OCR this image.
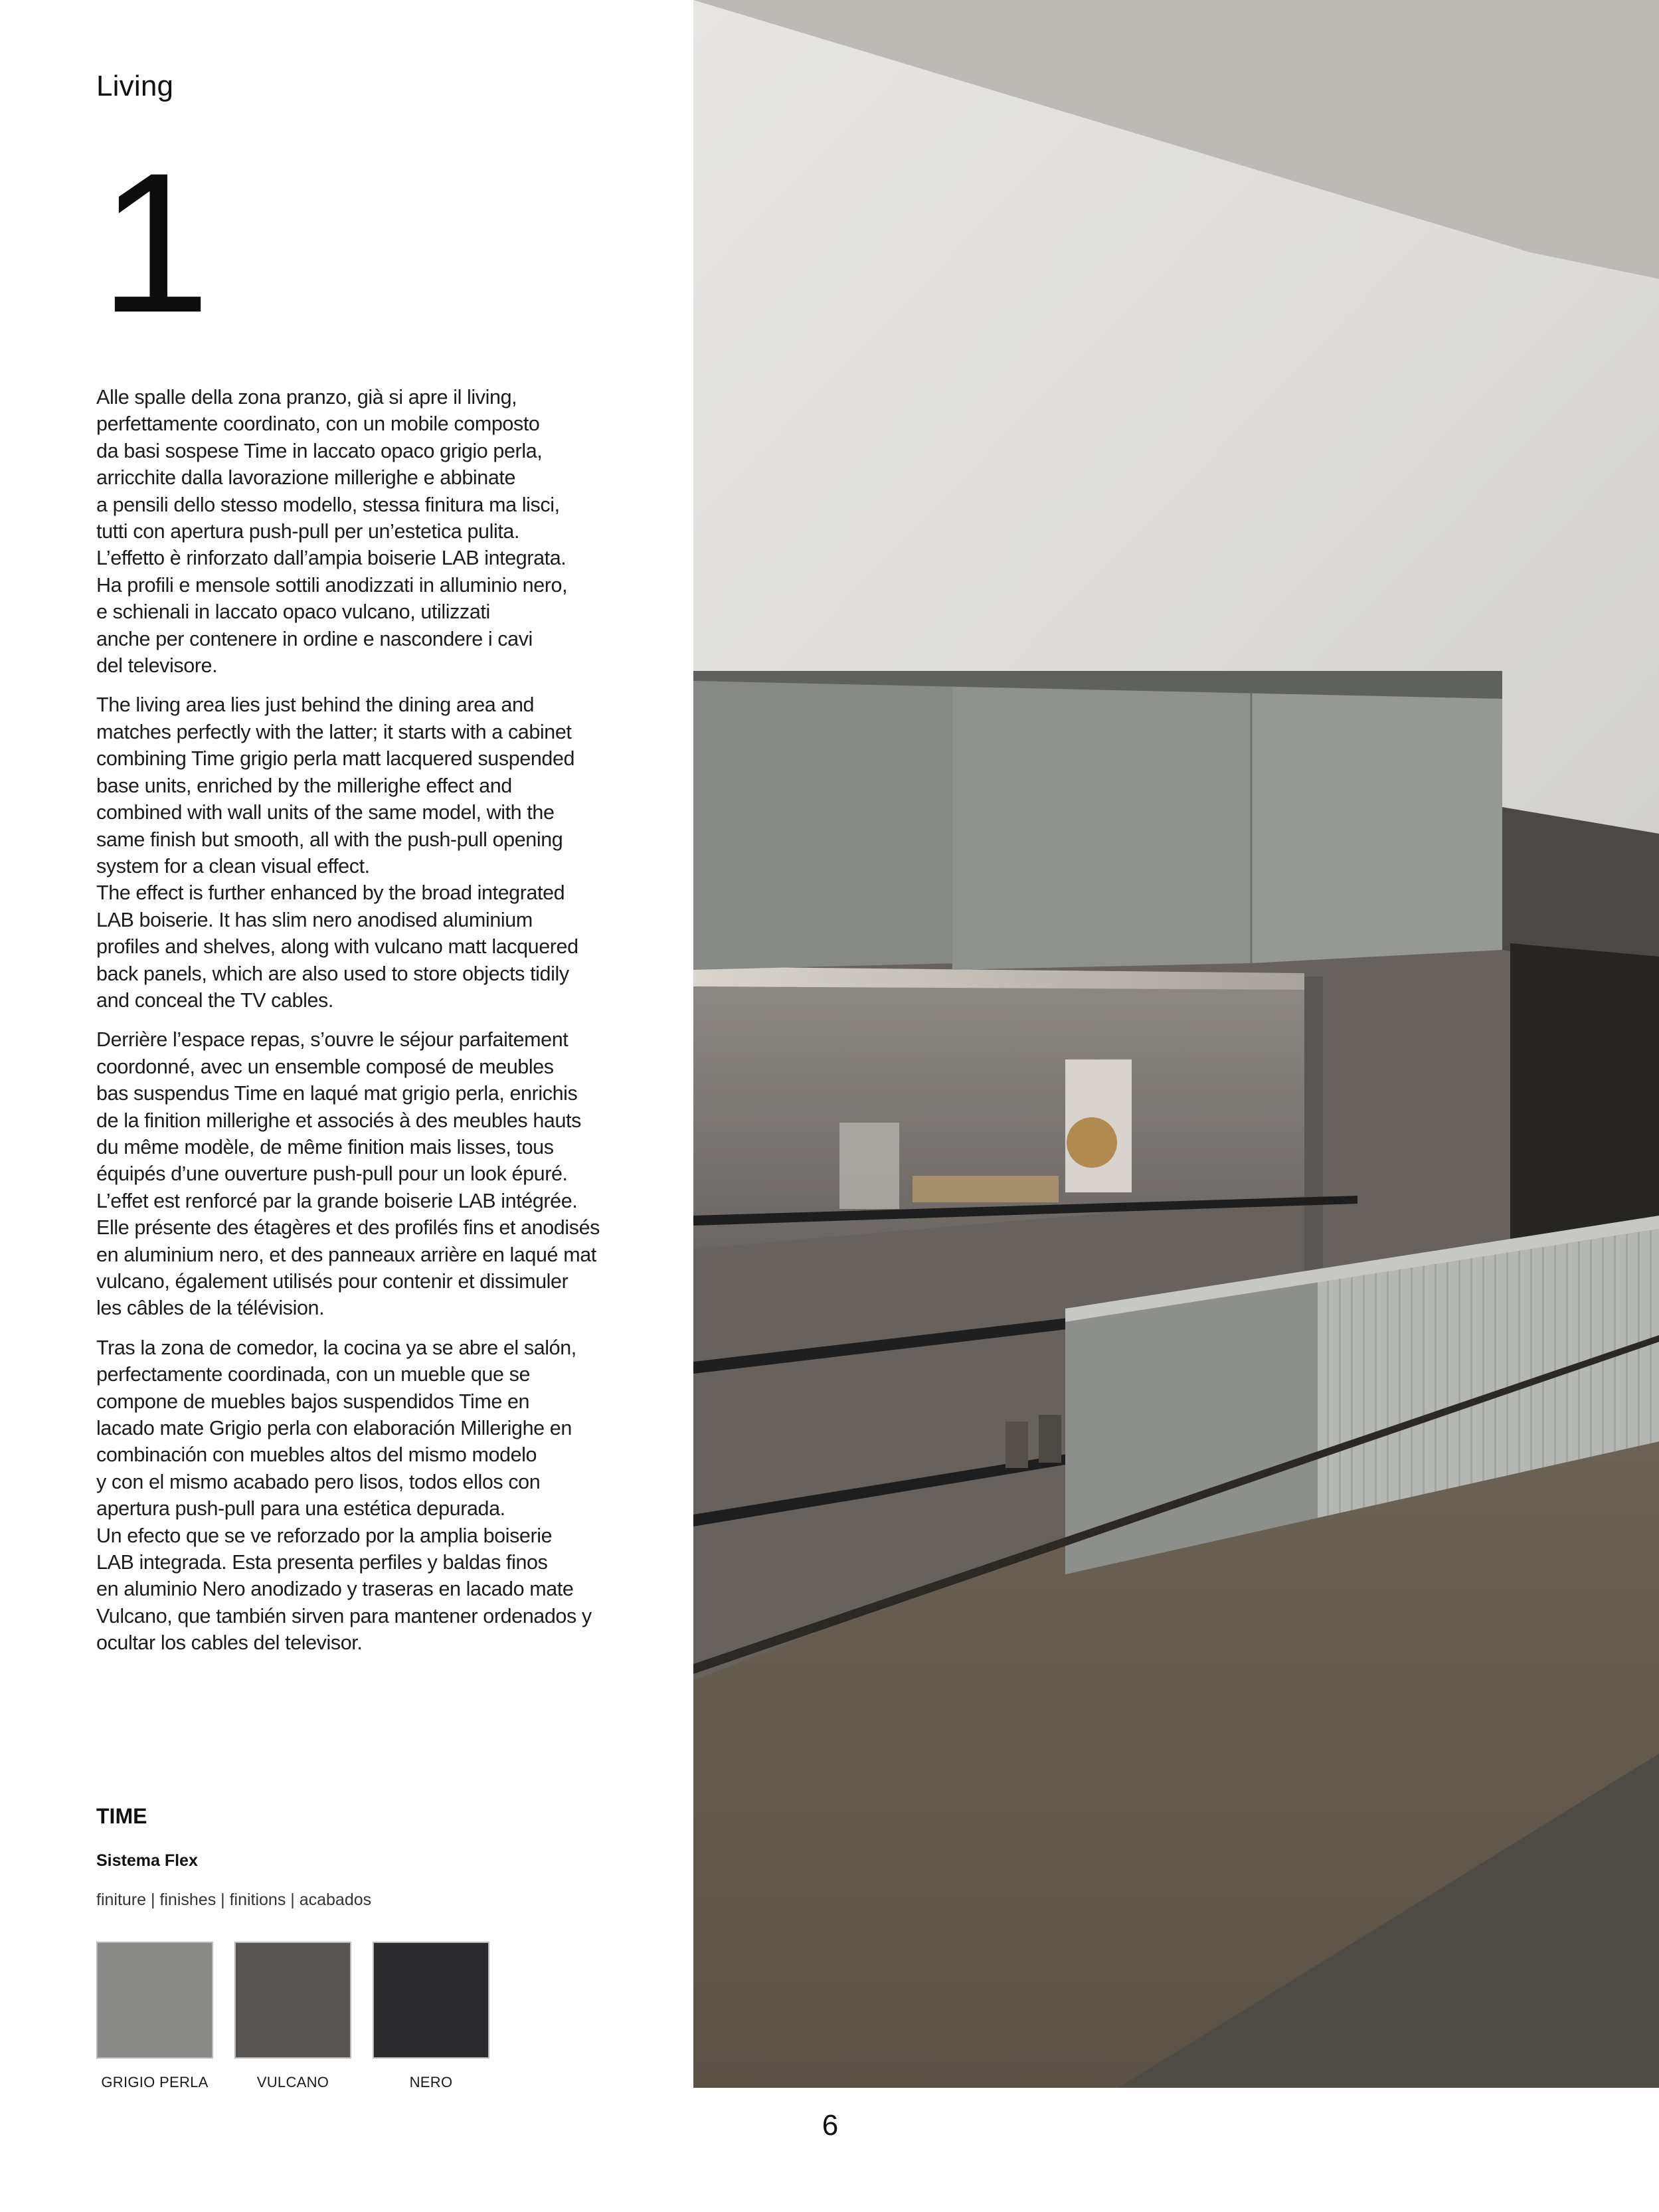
Living
1

Alle spalle della zona pranzo, già si apre il living,
perfettamente coordinato, con un mobile composto
da basi sospese Time in laccato opaco grigio perla,
arricchite dalla lavorazione millerighe e abbinate
a pensili dello stesso modello, stessa finitura ma lisci,
tutti con apertura push-pull per un’estetica pulita.
L’effetto è rinforzato dall’ampia boiserie LAB integrata.
Ha profili e mensole sottili anodizzati in alluminio nero,
e schienali in laccato opaco vulcano, utilizzati
anche per contenere in ordine e nascondere i cavi
del televisore.

The living area lies just behind the dining area and
matches perfectly with the latter; it starts with a cabinet
combining Time grigio perla matt lacquered suspended
base units, enriched by the millerighe effect and
combined with wall units of the same model, with the
same finish but smooth, all with the push-pull opening
system for a clean visual effect.
The effect is further enhanced by the broad integrated
LAB boiserie. It has slim nero anodised aluminium
profiles and shelves, along with vulcano matt lacquered
back panels, which are also used to store objects tidily
and conceal the TV cables.

Derrière l’espace repas, s’ouvre le séjour parfaitement
coordonné, avec un ensemble composé de meubles
bas suspendus Time en laqué mat grigio perla, enrichis
de la finition millerighe et associés à des meubles hauts
du même modèle, de même finition mais lisses, tous
équipés d’une ouverture push-pull pour un look épuré.
L’effet est renforcé par la grande boiserie LAB intégrée.
Elle présente des étagères et des profilés fins et anodisés
en aluminium nero, et des panneaux arrière en laqué mat
vulcano, également utilisés pour contenir et dissimuler
les câbles de la télévision.

Tras la zona de comedor, la cocina ya se abre el salón,
perfectamente coordinada, con un mueble que se
compone de muebles bajos suspendidos Time en
lacado mate Grigio perla con elaboración Millerighe en
combinación con muebles altos del mismo modelo
y con el mismo acabado pero lisos, todos ellos con
apertura push-pull para una estética depurada.
Un efecto que se ve reforzado por la amplia boiserie
LAB integrada. Esta presenta perfiles y baldas finos
en aluminio Nero anodizado y traseras en lacado mate
Vulcano, que también sirven para mantener ordenados y
ocultar los cables del televisor.

TIME
Sistema Flex
finiture | finishes | finitions | acabados
GRIGIO PERLA	VULCANO	NERO
6
